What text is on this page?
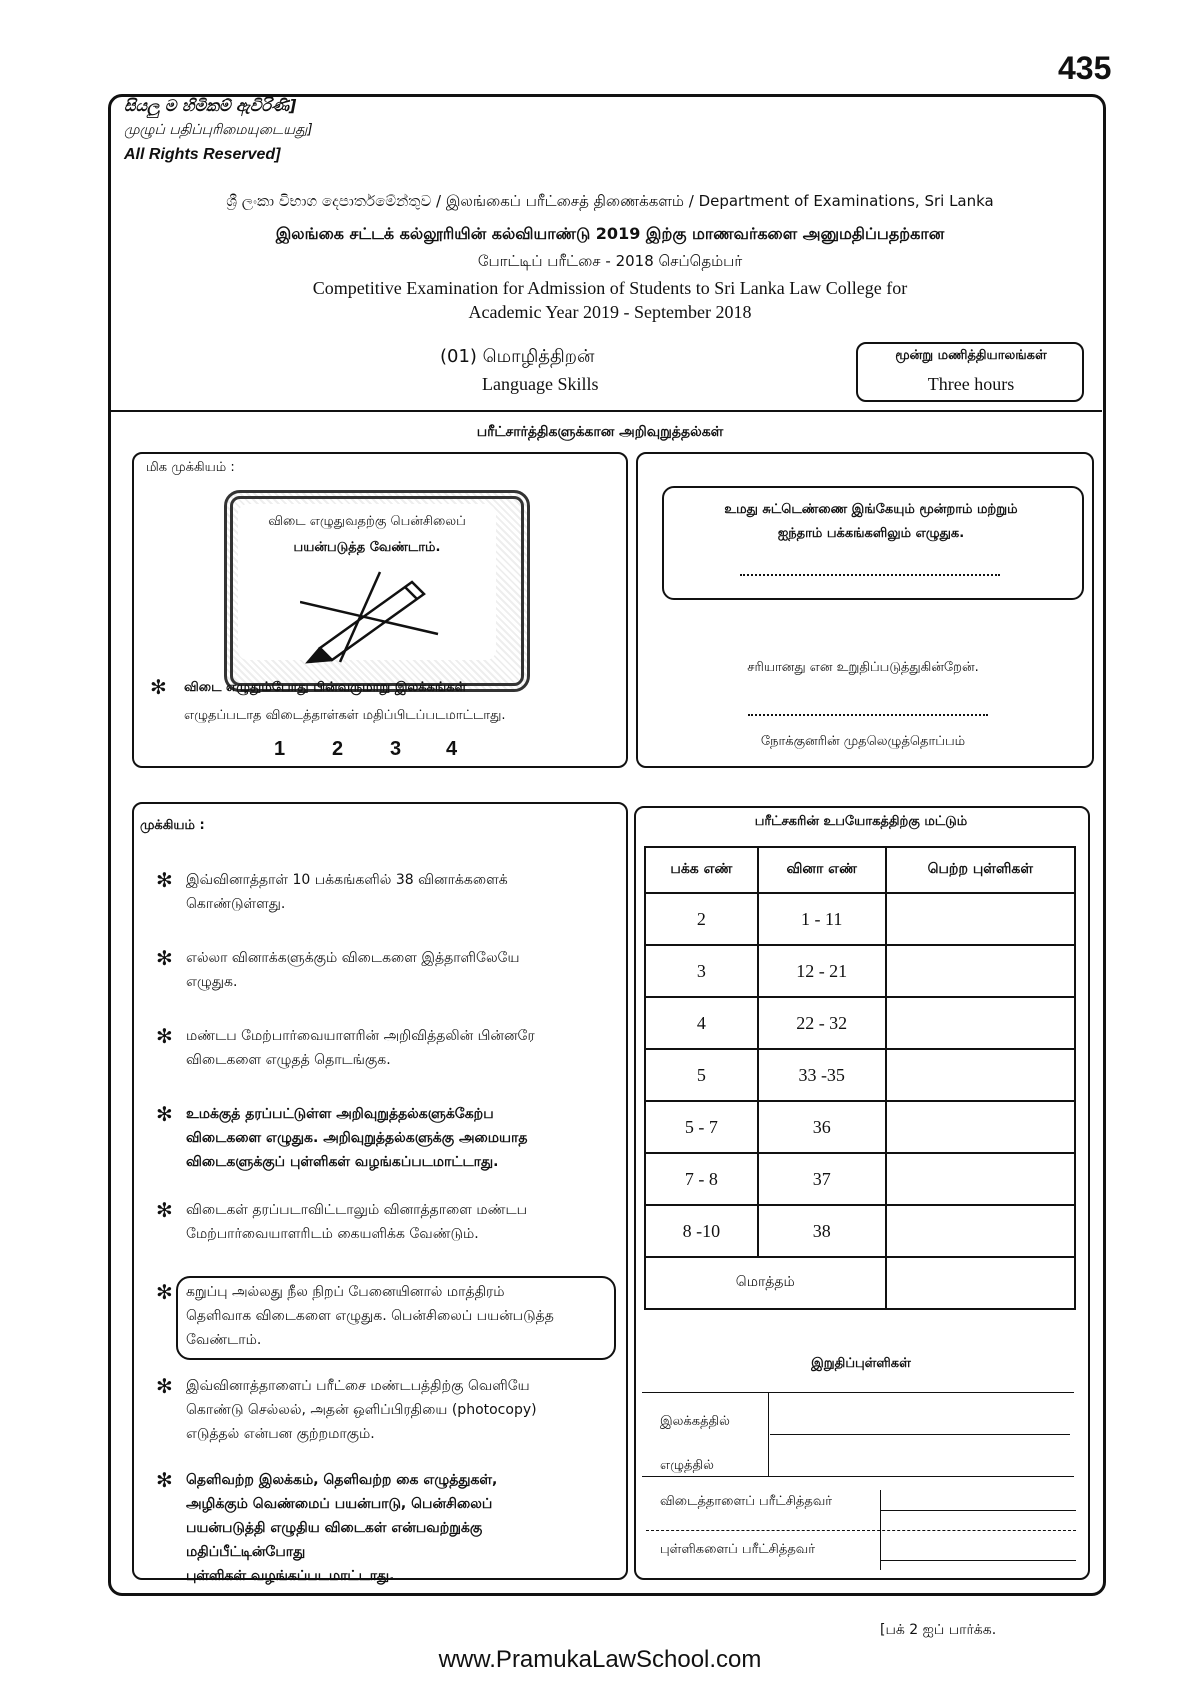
435
සියලු ම හිමිකම් ඇවිරිණි]
முழுப் பதிப்புரிமையுடையது]
All Rights Reserved]
ශ්‍රී ලංකා විභාග දෙපාර්තමේන්තුව / இலங்கைப் பரீட்சைத் திணைக்களம் / Department of Examinations, Sri Lanka
இலங்கை சட்டக் கல்லூரியின் கல்வியாண்டு 2019 இற்கு மாணவர்களை அனுமதிப்பதற்கான
போட்டிப் பரீட்சை - 2018 செப்தெம்பர்
Competitive Examination for Admission of Students to Sri Lanka Law College for
Academic Year 2019 - September 2018
(01) மொழித்திறன்
Language Skills
மூன்று மணித்தியாலங்கள்
Three hours
பரீட்சார்த்திகளுக்கான அறிவுறுத்தல்கள்
மிக முக்கியம் :
விடை எழுதுவதற்கு பென்சிலைப்
பயன்படுத்த வேண்டாம்.
✻ விடை எழுதும்போது பின்வருமாறு இலக்கங்கள்
எழுதப்படாத விடைத்தாள்கள் மதிப்பிடப்படமாட்டாது.
1 2 3 4
உமது சுட்டெண்ணை இங்கேயும் மூன்றாம் மற்றும்
ஐந்தாம் பக்கங்களிலும் எழுதுக.
சரியானது என உறுதிப்படுத்துகின்றேன்.
நோக்குனரின் முதலெழுத்தொப்பம்
முக்கியம் :
✻ இவ்வினாத்தாள் 10 பக்கங்களில் 38 வினாக்களைக்
கொண்டுள்ளது.
✻ எல்லா வினாக்களுக்கும் விடைகளை இத்தாளிலேயே
எழுதுக.
✻ மண்டப மேற்பார்வையாளரின் அறிவித்தலின் பின்னரே
விடைகளை எழுதத் தொடங்குக.
✻ உமக்குத் தரப்பட்டுள்ள அறிவுறுத்தல்களுக்கேற்ப
விடைகளை எழுதுக. அறிவுறுத்தல்களுக்கு அமையாத
விடைகளுக்குப் புள்ளிகள் வழங்கப்படமாட்டாது.
✻ விடைகள் தரப்படாவிட்டாலும் வினாத்தாளை மண்டப
மேற்பார்வையாளரிடம் கையளிக்க வேண்டும்.
✻ கறுப்பு அல்லது நீல நிறப் பேனையினால் மாத்திரம்
தெளிவாக விடைகளை எழுதுக. பென்சிலைப் பயன்படுத்த
வேண்டாம்.
✻ இவ்வினாத்தாளைப் பரீட்சை மண்டபத்திற்கு வெளியே
கொண்டு செல்லல், அதன் ஒளிப்பிரதியை (photocopy)
எடுத்தல் என்பன குற்றமாகும்.
✻ தெளிவற்ற இலக்கம், தெளிவற்ற கை எழுத்துகள்,
அழிக்கும் வெண்மைப் பயன்பாடு, பென்சிலைப்
பயன்படுத்தி எழுதிய விடைகள் என்பவற்றுக்கு மதிப்பீட்டின்போது
புள்ளிகள் வழங்கப்படமாட்டாது.
பரீட்சகரின் உபயோகத்திற்கு மட்டும்
பக்க எண்	வினா எண்	பெற்ற புள்ளிகள்
2	1 - 11	
3	12 - 21	
4	22 - 32	
5	33 -35	
5 - 7	36	
7 - 8	37	
8 -10	38	
மொத்தம்		
இறுதிப்புள்ளிகள்
இலக்கத்தில்
எழுத்தில்
விடைத்தாளைப் பரீட்சித்தவர்
புள்ளிகளைப் பரீட்சித்தவர்
[பக் 2 ஐப் பார்க்க.
www.PramukaLawSchool.com
